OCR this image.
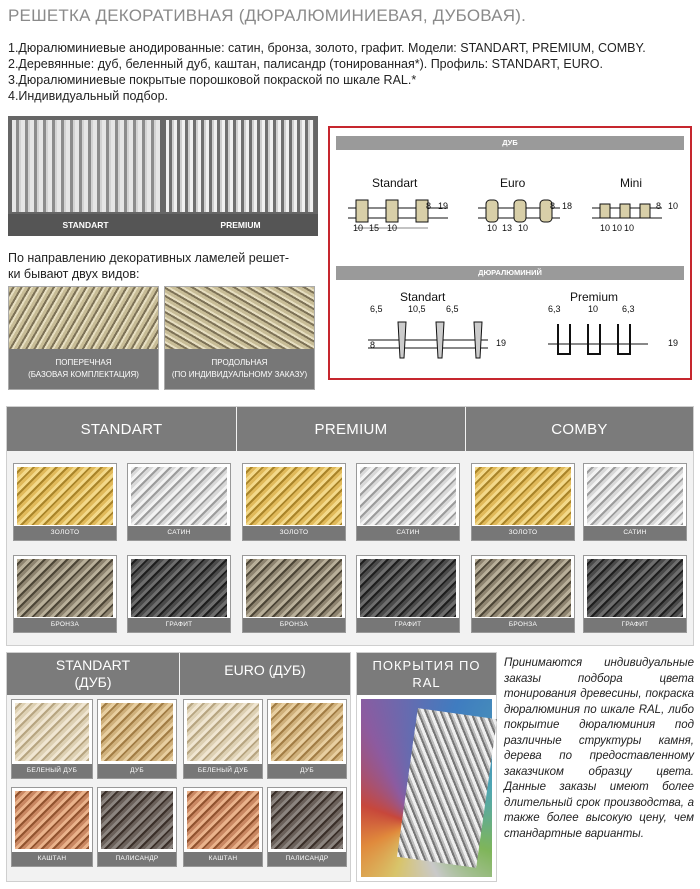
РЕШЕТКА ДЕКОРАТИВНАЯ (ДЮРАЛЮМИНИЕВАЯ, ДУБОВАЯ).
1.Дюралюминиевые анодированные: сатин, бронза, золото, графит. Модели: STANDART, PREMIUM, COMBY.
2.Деревянные: дуб, беленный дуб, каштан, палисандр (тонированная*). Профиль: STANDART, EURO.
3.Дюралюминиевые покрытые порошковой покраской по шкале RAL.*
4.Индивидуальный подбор.
STANDART	PREMIUM
По направлению декоративных ламелей решет-
ки бывают двух видов:
ПОПЕРЕЧНАЯ
(БАЗОВАЯ КОМПЛЕКТАЦИЯ)
ПРОДОЛЬНАЯ
(ПО ИНДИВИДУАЛЬНОМУ ЗАКАЗУ)
ДУБ
Standart
10 15 10
8 19
Euro
10 13 10
8 18
Mini
10 10 10
8 10
ДЮРАЛЮМИНИЙ
Standart
6,5	10,5 6,5
8	19
Premium
6,3	10	6,3
19
STANDART	PREMIUM	COMBY
ЗОЛОТО	САТИН	ЗОЛОТО	САТИН	ЗОЛОТО	САТИН
БРОНЗА	ГРАФИТ	БРОНЗА	ГРАФИТ	БРОНЗА	ГРАФИТ
STANDART
(ДУБ)
EURO (ДУБ)
БЕЛЕНЫЙ ДУБ	ДУБ	БЕЛЕНЫЙ ДУБ	ДУБ
КАШТАН	ПАЛИСАНДР	КАШТАН	ПАЛИСАНДР
ПОКРЫТИЯ ПО
RAL
Принимаются индивидуальные заказы подбора цвета тонирования древесины, покраска дюралюминия по шкале RAL, либо покрытие дюралюминия под различные структуры камня, дерева по предоставленному заказчиком образцу цвета. Данные заказы имеют более длительный срок производства, а также более высокую цену, чем стандартные варианты.
